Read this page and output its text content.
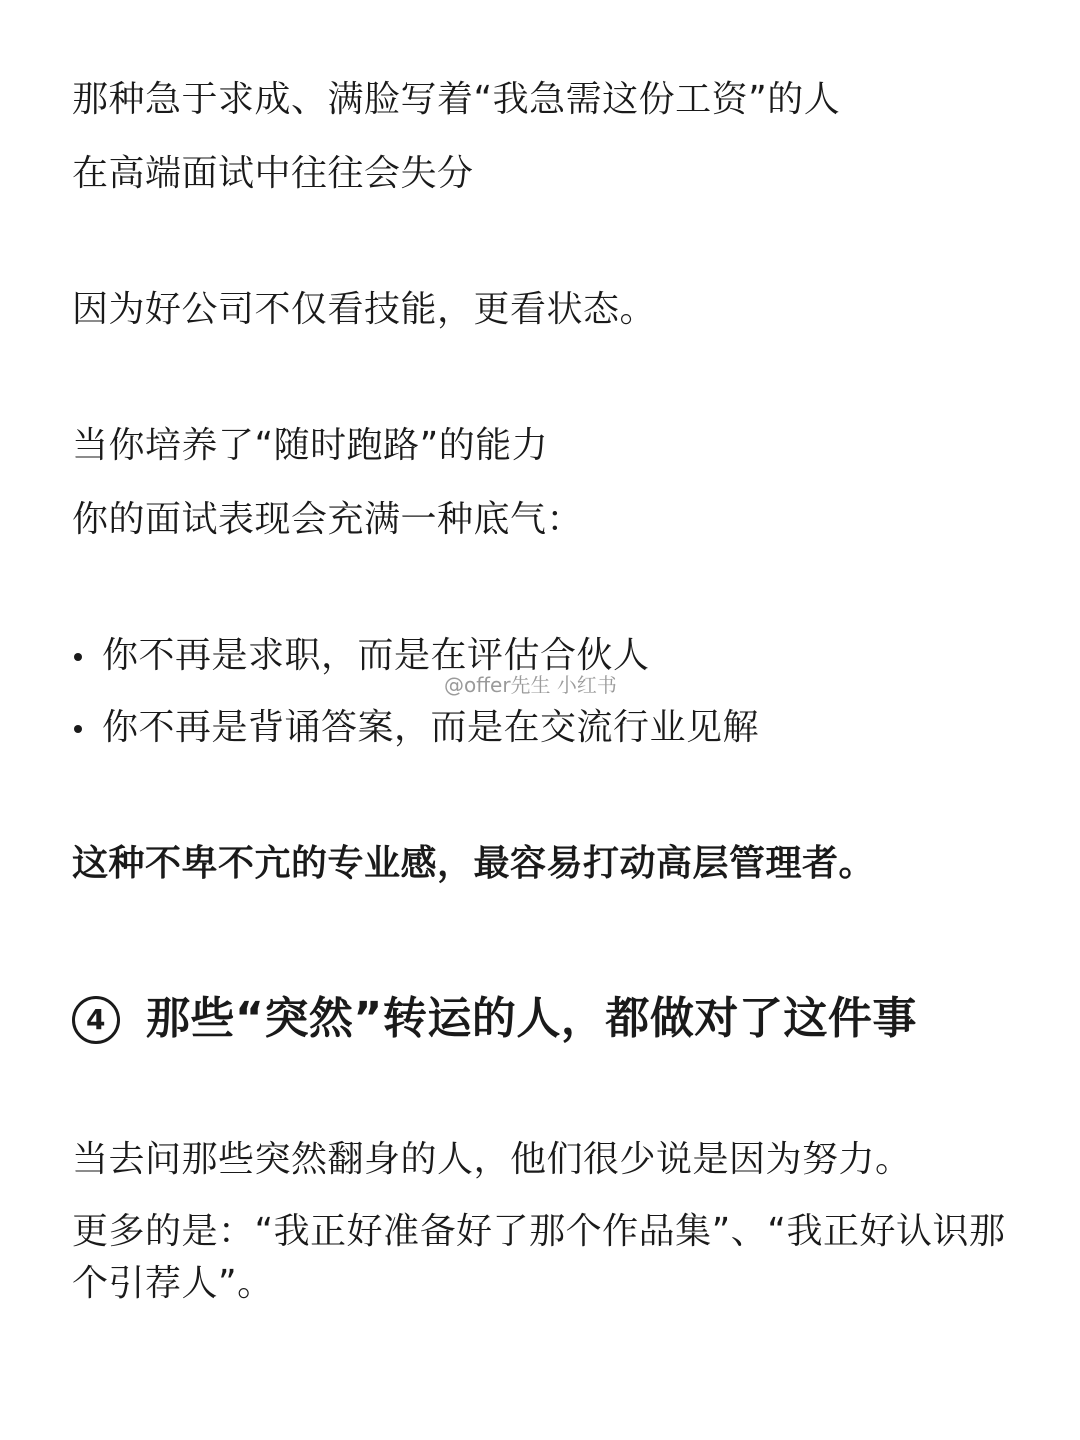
那种急于求成、满脸写着“我急需这份工资”的人
在高端面试中往往会失分
因为好公司不仅看技能，更看状态。
当你培养了“随时跑路”的能力
你的面试表现会充满一种底气：
你不再是求职，而是在评估合伙人
你不再是背诵答案，而是在交流行业见解
@offer先生 小红书
这种不卑不亢的专业感，最容易打动高层管理者。
4 那些“突然”转运的人，都做对了这件事
当去问那些突然翻身的人，他们很少说是因为努力。
更多的是：“我正好准备好了那个作品集”、“我正好认识那
个引荐人”。
